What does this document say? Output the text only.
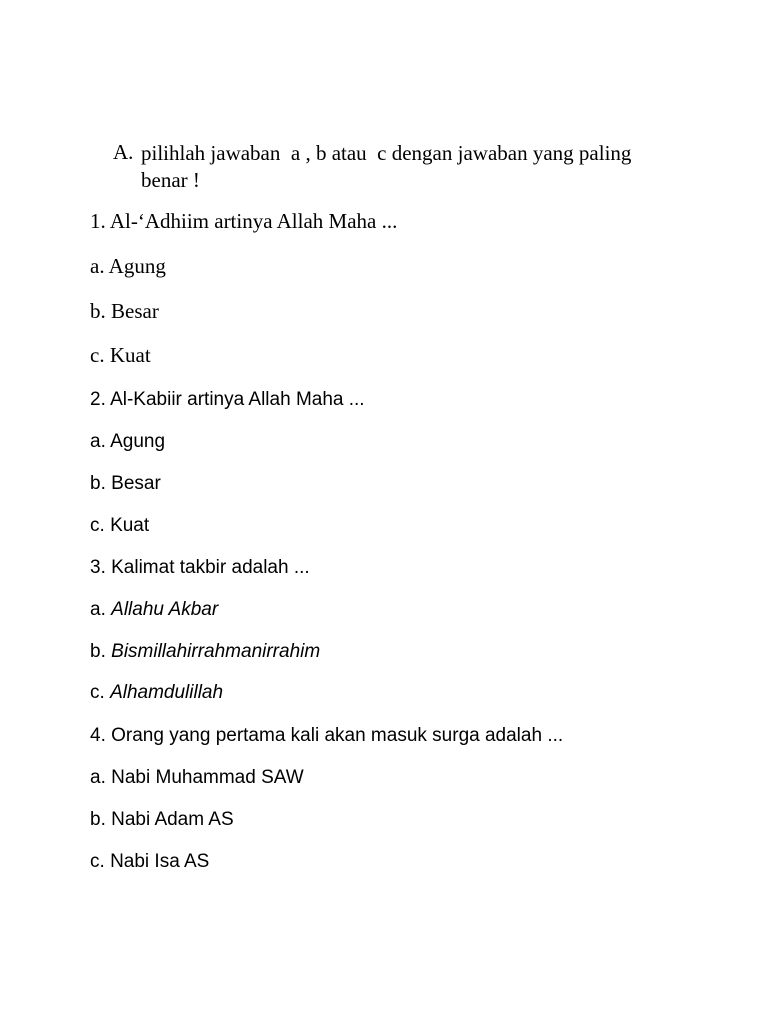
A. pilihlah jawaban  a , b atau  c dengan jawaban yang paling
benar !
1. Al-‘Adhiim artinya Allah Maha ...
a. Agung
b. Besar
c. Kuat
2. Al-Kabiir artinya Allah Maha ...
a. Agung
b. Besar
c. Kuat
3. Kalimat takbir adalah ...
a. Allahu Akbar
b. Bismillahirrahmanirrahim
c. Alhamdulillah
4. Orang yang pertama kali akan masuk surga adalah ...
a. Nabi Muhammad SAW
b. Nabi Adam AS
c. Nabi Isa AS
